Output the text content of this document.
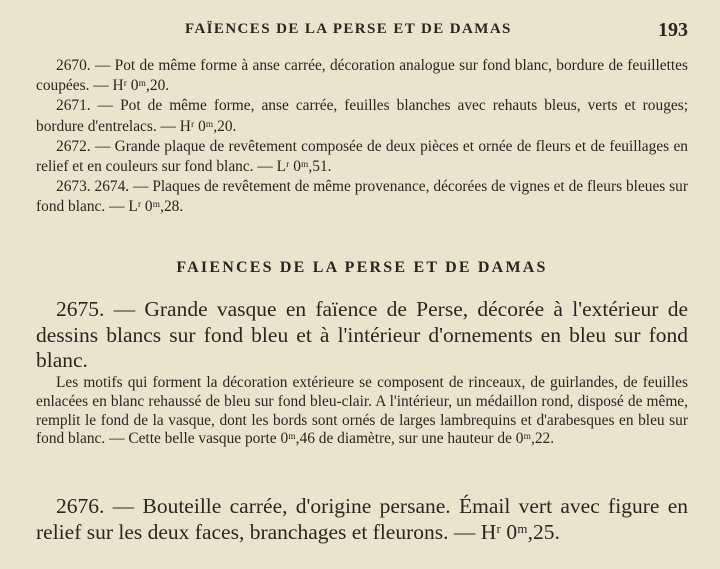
FAÏENCES DE LA PERSE ET DE DAMAS	193

2670. — Pot de même forme à anse carrée, décoration analogue sur fond blanc, bordure de feuillettes coupées. — Hʳ 0ᵐ,20.

2671. — Pot de même forme, anse carrée, feuilles blanches avec rehauts bleus, verts et rouges; bordure d'entrelacs. — Hʳ 0ᵐ,20.

2672. — Grande plaque de revêtement composée de deux pièces et ornée de fleurs et de feuillages en relief et en couleurs sur fond blanc. — Lʳ 0ᵐ,51.

2673. 2674. — Plaques de revêtement de même provenance, décorées de vignes et de fleurs bleues sur fond blanc. — Lʳ 0ᵐ,28.

FAIENCES DE LA PERSE ET DE DAMAS

2675. — Grande vasque en faïence de Perse, décorée à l'extérieur de dessins blancs sur fond bleu et à l'intérieur d'ornements en bleu sur fond blanc.

Les motifs qui forment la décoration extérieure se composent de rinceaux, de guirlandes, de feuilles enlacées en blanc rehaussé de bleu sur fond bleu-clair. A l'intérieur, un médaillon rond, disposé de même, remplit le fond de la vasque, dont les bords sont ornés de larges lambrequins et d'arabesques en bleu sur fond blanc. — Cette belle vasque porte 0ᵐ,46 de diamètre, sur une hauteur de 0ᵐ,22.

2676. — Bouteille carrée, d'origine persane. Émail vert avec figure en relief sur les deux faces, branchages et fleurons. — Hʳ 0ᵐ,25.
